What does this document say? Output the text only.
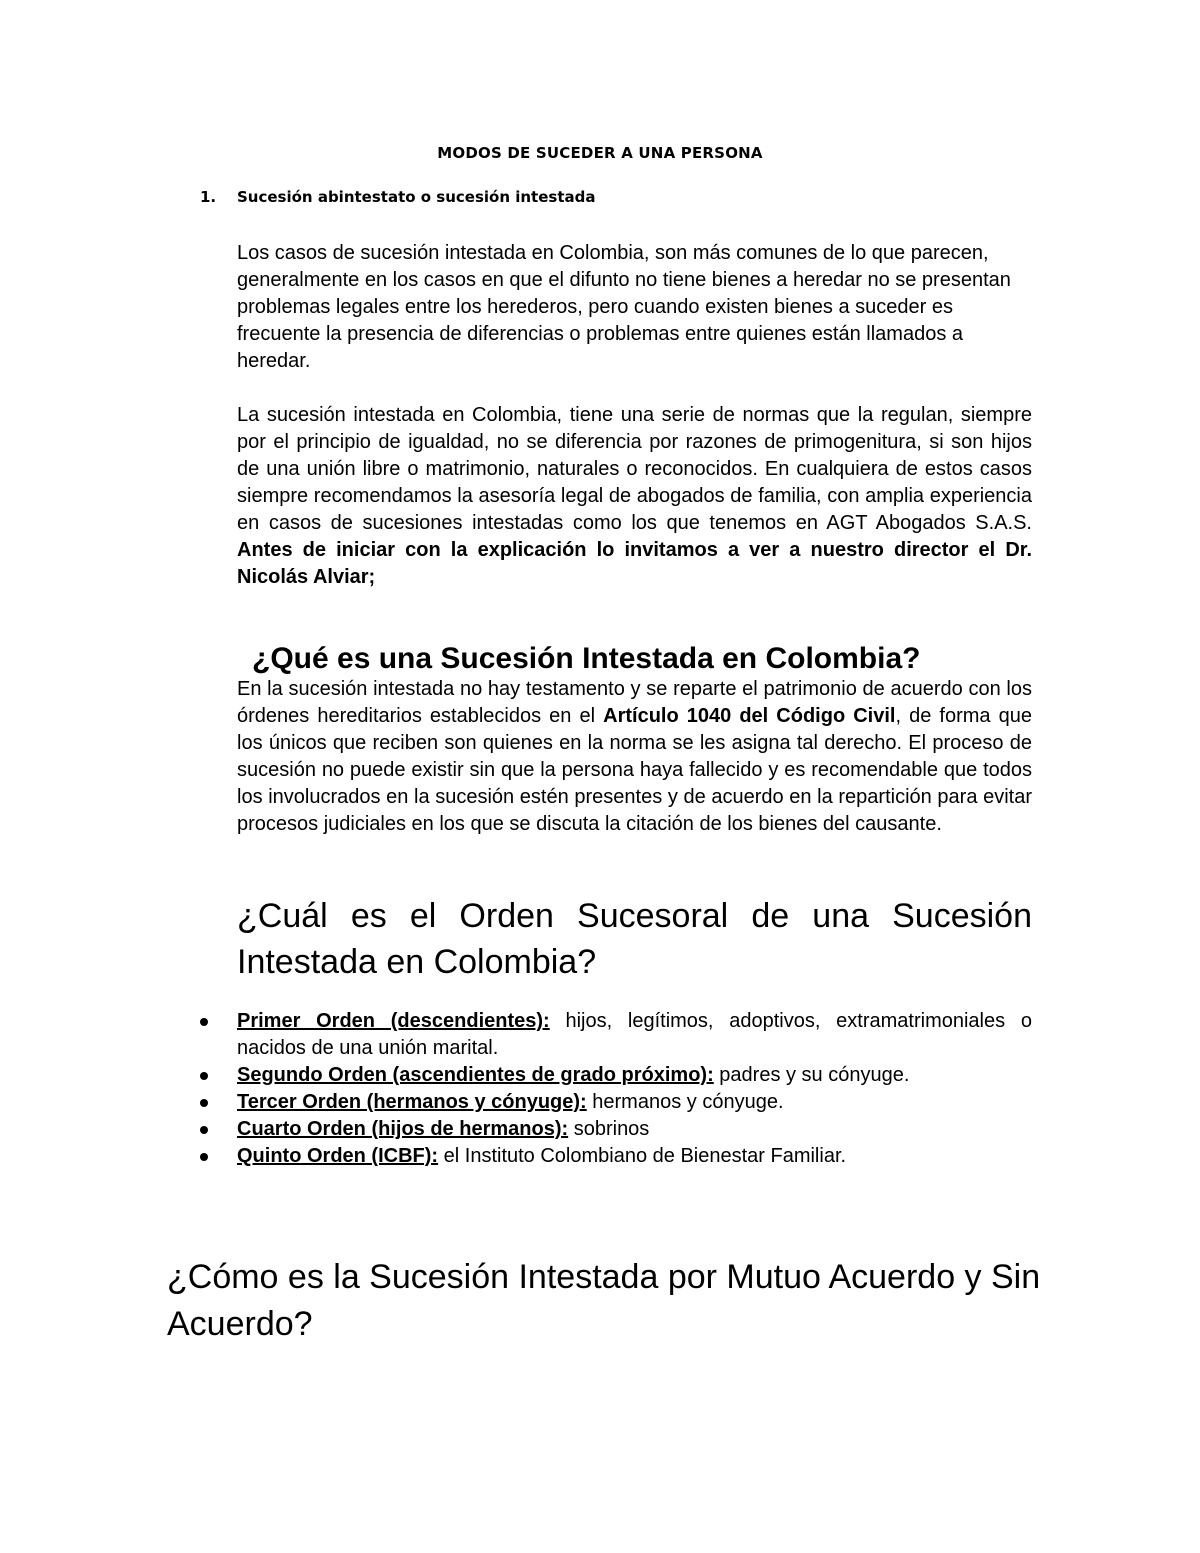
MODOS DE SUCEDER A UNA PERSONA
1. Sucesión abintestato o sucesión intestada
Los casos de sucesión intestada en Colombia, son más comunes de lo que parecen, generalmente en los casos en que el difunto no tiene bienes a heredar no se presentan problemas legales entre los herederos, pero cuando existen bienes a suceder es frecuente la presencia de diferencias o problemas entre quienes están llamados a heredar.
La sucesión intestada en Colombia, tiene una serie de normas que la regulan, siempre por el principio de igualdad, no se diferencia por razones de primogenitura, si son hijos de una unión libre o matrimonio, naturales o reconocidos. En cualquiera de estos casos siempre recomendamos la asesoría legal de abogados de familia, con amplia experiencia en casos de sucesiones intestadas como los que tenemos en AGT Abogados S.A.S. Antes de iniciar con la explicación lo invitamos a ver a nuestro director el Dr. Nicolás Alviar;
¿Qué es una Sucesión Intestada en Colombia?
En la sucesión intestada no hay testamento y se reparte el patrimonio de acuerdo con los órdenes hereditarios establecidos en el Artículo 1040 del Código Civil, de forma que los únicos que reciben son quienes en la norma se les asigna tal derecho. El proceso de sucesión no puede existir sin que la persona haya fallecido y es recomendable que todos los involucrados en la sucesión estén presentes y de acuerdo en la repartición para evitar procesos judiciales en los que se discuta la citación de los bienes del causante.
¿Cuál es el Orden Sucesoral de una Sucesión Intestada en Colombia?
Primer Orden (descendientes): hijos, legítimos, adoptivos, extramatrimoniales o nacidos de una unión marital.
Segundo Orden (ascendientes de grado próximo): padres y su cónyuge.
Tercer Orden (hermanos y cónyuge): hermanos y cónyuge.
Cuarto Orden (hijos de hermanos): sobrinos
Quinto Orden (ICBF): el Instituto Colombiano de Bienestar Familiar.
¿Cómo es la Sucesión Intestada por Mutuo Acuerdo y Sin Acuerdo?
